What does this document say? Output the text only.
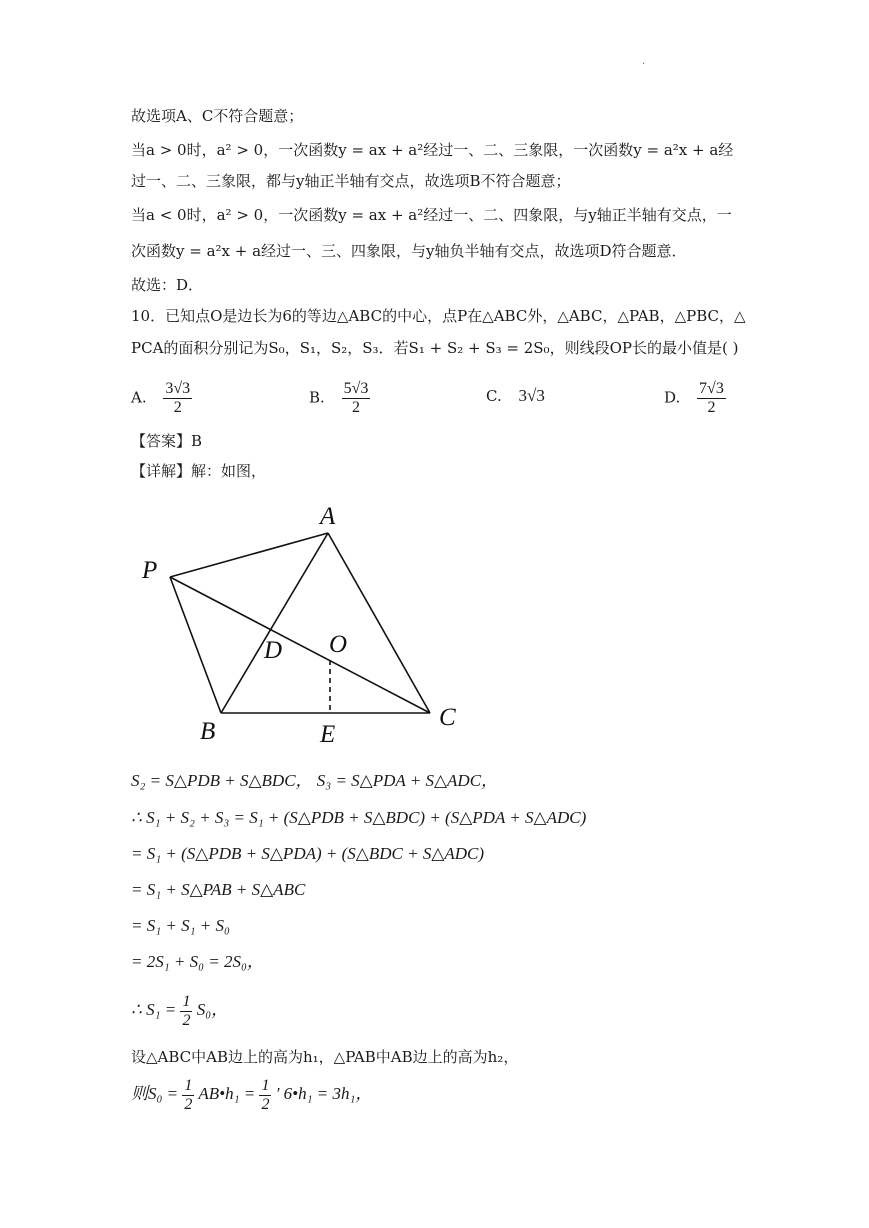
.
故选项A、C不符合题意；
当a > 0时，a² > 0，一次函数y = ax + a²经过一、二、三象限，一次函数y = a²x + a经
过一、二、三象限，都与y轴正半轴有交点，故选项B不符合题意；
当a < 0时，a² > 0，一次函数y = ax + a²经过一、二、四象限，与y轴正半轴有交点，一
次函数y = a²x + a经过一、三、四象限，与y轴负半轴有交点，故选项D符合题意．
故选：D．
10．已知点O是边长为6的等边△ABC的中心，点P在△ABC外，△ABC，△PAB，△PBC，△
PCA的面积分别记为S₀，S₁，S₂，S₃．若S₁ + S₂ + S₃ = 2S₀，则线段OP长的最小值是( )
A. $\frac{3√3}{2}$	B. $\frac{5√3}{2}$	C. 3√3	D. $\frac{7√3}{2}$
【答案】B
【详解】解：如图，
A
P
O
D
B	E
C
S₂ = S△PDB + S△BDC， S₃ = S△PDA + S△ADC，
∴ S₁ + S₂ + S₃ = S₁ + (S△PDB + S△BDC) + (S△PDA + S△ADC)
= S₁ + (S△PDB + S△PDA) + (S△BDC + S△ADC)
= S₁ + S△PAB + S△ABC
= S₁ + S₁ + S₀
= 2S₁ + S₀ = 2S₀，
∴ $S_1 = \frac{1}{2} S_0$，
设△ABC中AB边上的高为h₁，△PAB中AB边上的高为h₂，
则$S_0 = \frac{1}{2}$ AB•h₁ = $\frac{1}{2}$ ′ 6•h₁ = 3h₁，
